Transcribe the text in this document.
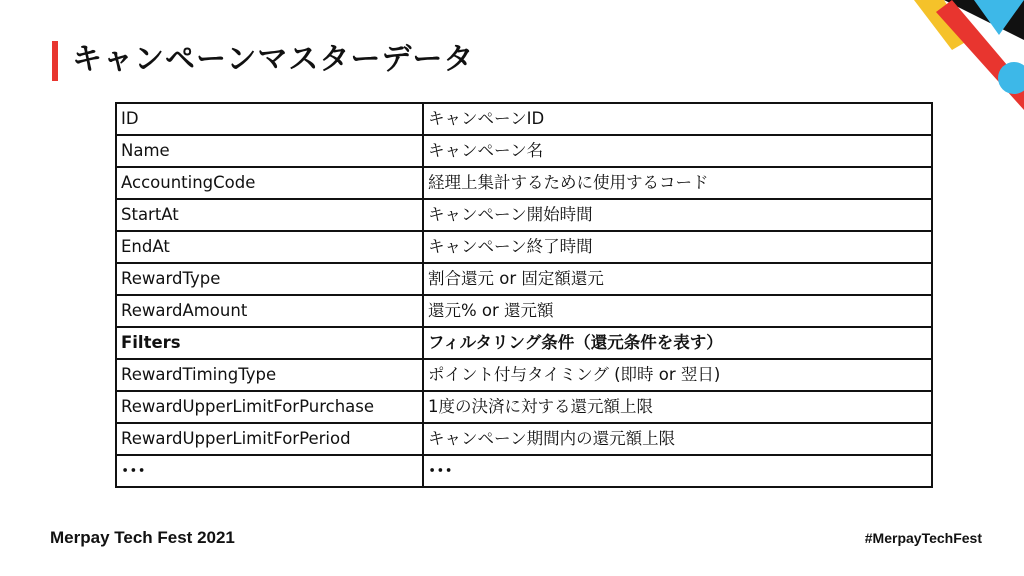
キャンペーンマスターデータ
ID	キャンペーンID
Name	キャンペーン名
AccountingCode	経理上集計するために使用するコード
StartAt	キャンペーン開始時間
EndAt	キャンペーン終了時間
RewardType	割合還元 or 固定額還元
RewardAmount	還元% or 還元額
Filters	フィルタリング条件（還元条件を表す）
RewardTimingType	ポイント付与タイミング (即時 or 翌日)
RewardUpperLimitForPurchase	1度の決済に対する還元額上限
RewardUpperLimitForPeriod	キャンペーン期間内の還元額上限
･･･	･･･
Merpay Tech Fest 2021	#MerpayTechFest
